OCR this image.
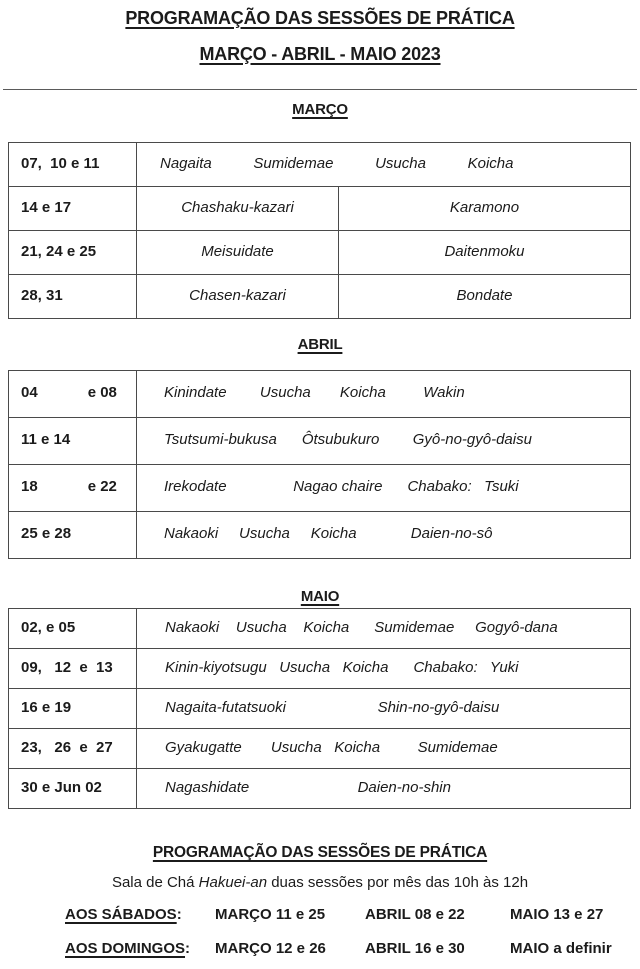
PROGRAMAÇÃO DAS SESSÕES DE PRÁTICA
MARÇO - ABRIL - MAIO 2023
MARÇO
07,  10 e 11	Nagaita          Sumidemae          Usucha          Koicha
14 e 17	Chashaku-kazari	Karamono
21, 24 e 25	Meisuidate	Daitenmoku
28, 31	Chasen-kazari	Bondate
ABRIL
04            e 08	Kinindate        Usucha       Koicha         Wakin
11 e 14	Tsutsumi-bukusa      Ôtsubukuro        Gyô-no-gyô-daisu
18            e 22	Irekodate                Nagao chaire      Chabako:   Tsuki
25 e 28	Nakaoki     Usucha     Koicha             Daien-no-sô
MAIO
02, e 05	Nakaoki    Usucha    Koicha      Sumidemae     Gogyô-dana
09,   12  e  13	Kinin-kiyotsugu   Usucha   Koicha      Chabako:   Yuki
16 e 19	Nagaita-futatsuoki                      Shin-no-gyô-daisu
23,   26  e  27	Gyakugatte       Usucha   Koicha         Sumidemae
30 e Jun 02	Nagashidate                          Daien-no-shin
PROGRAMAÇÃO DAS SESSÕES DE PRÁTICA
Sala de Chá Hakuei-an duas sessões por mês das 10h às 12h
AOS SÁBADOS:	MARÇO 11 e 25	ABRIL 08 e 22	MAIO 13 e 27
AOS DOMINGOS:	MARÇO 12 e 26	ABRIL 16 e 30	MAIO a definir
